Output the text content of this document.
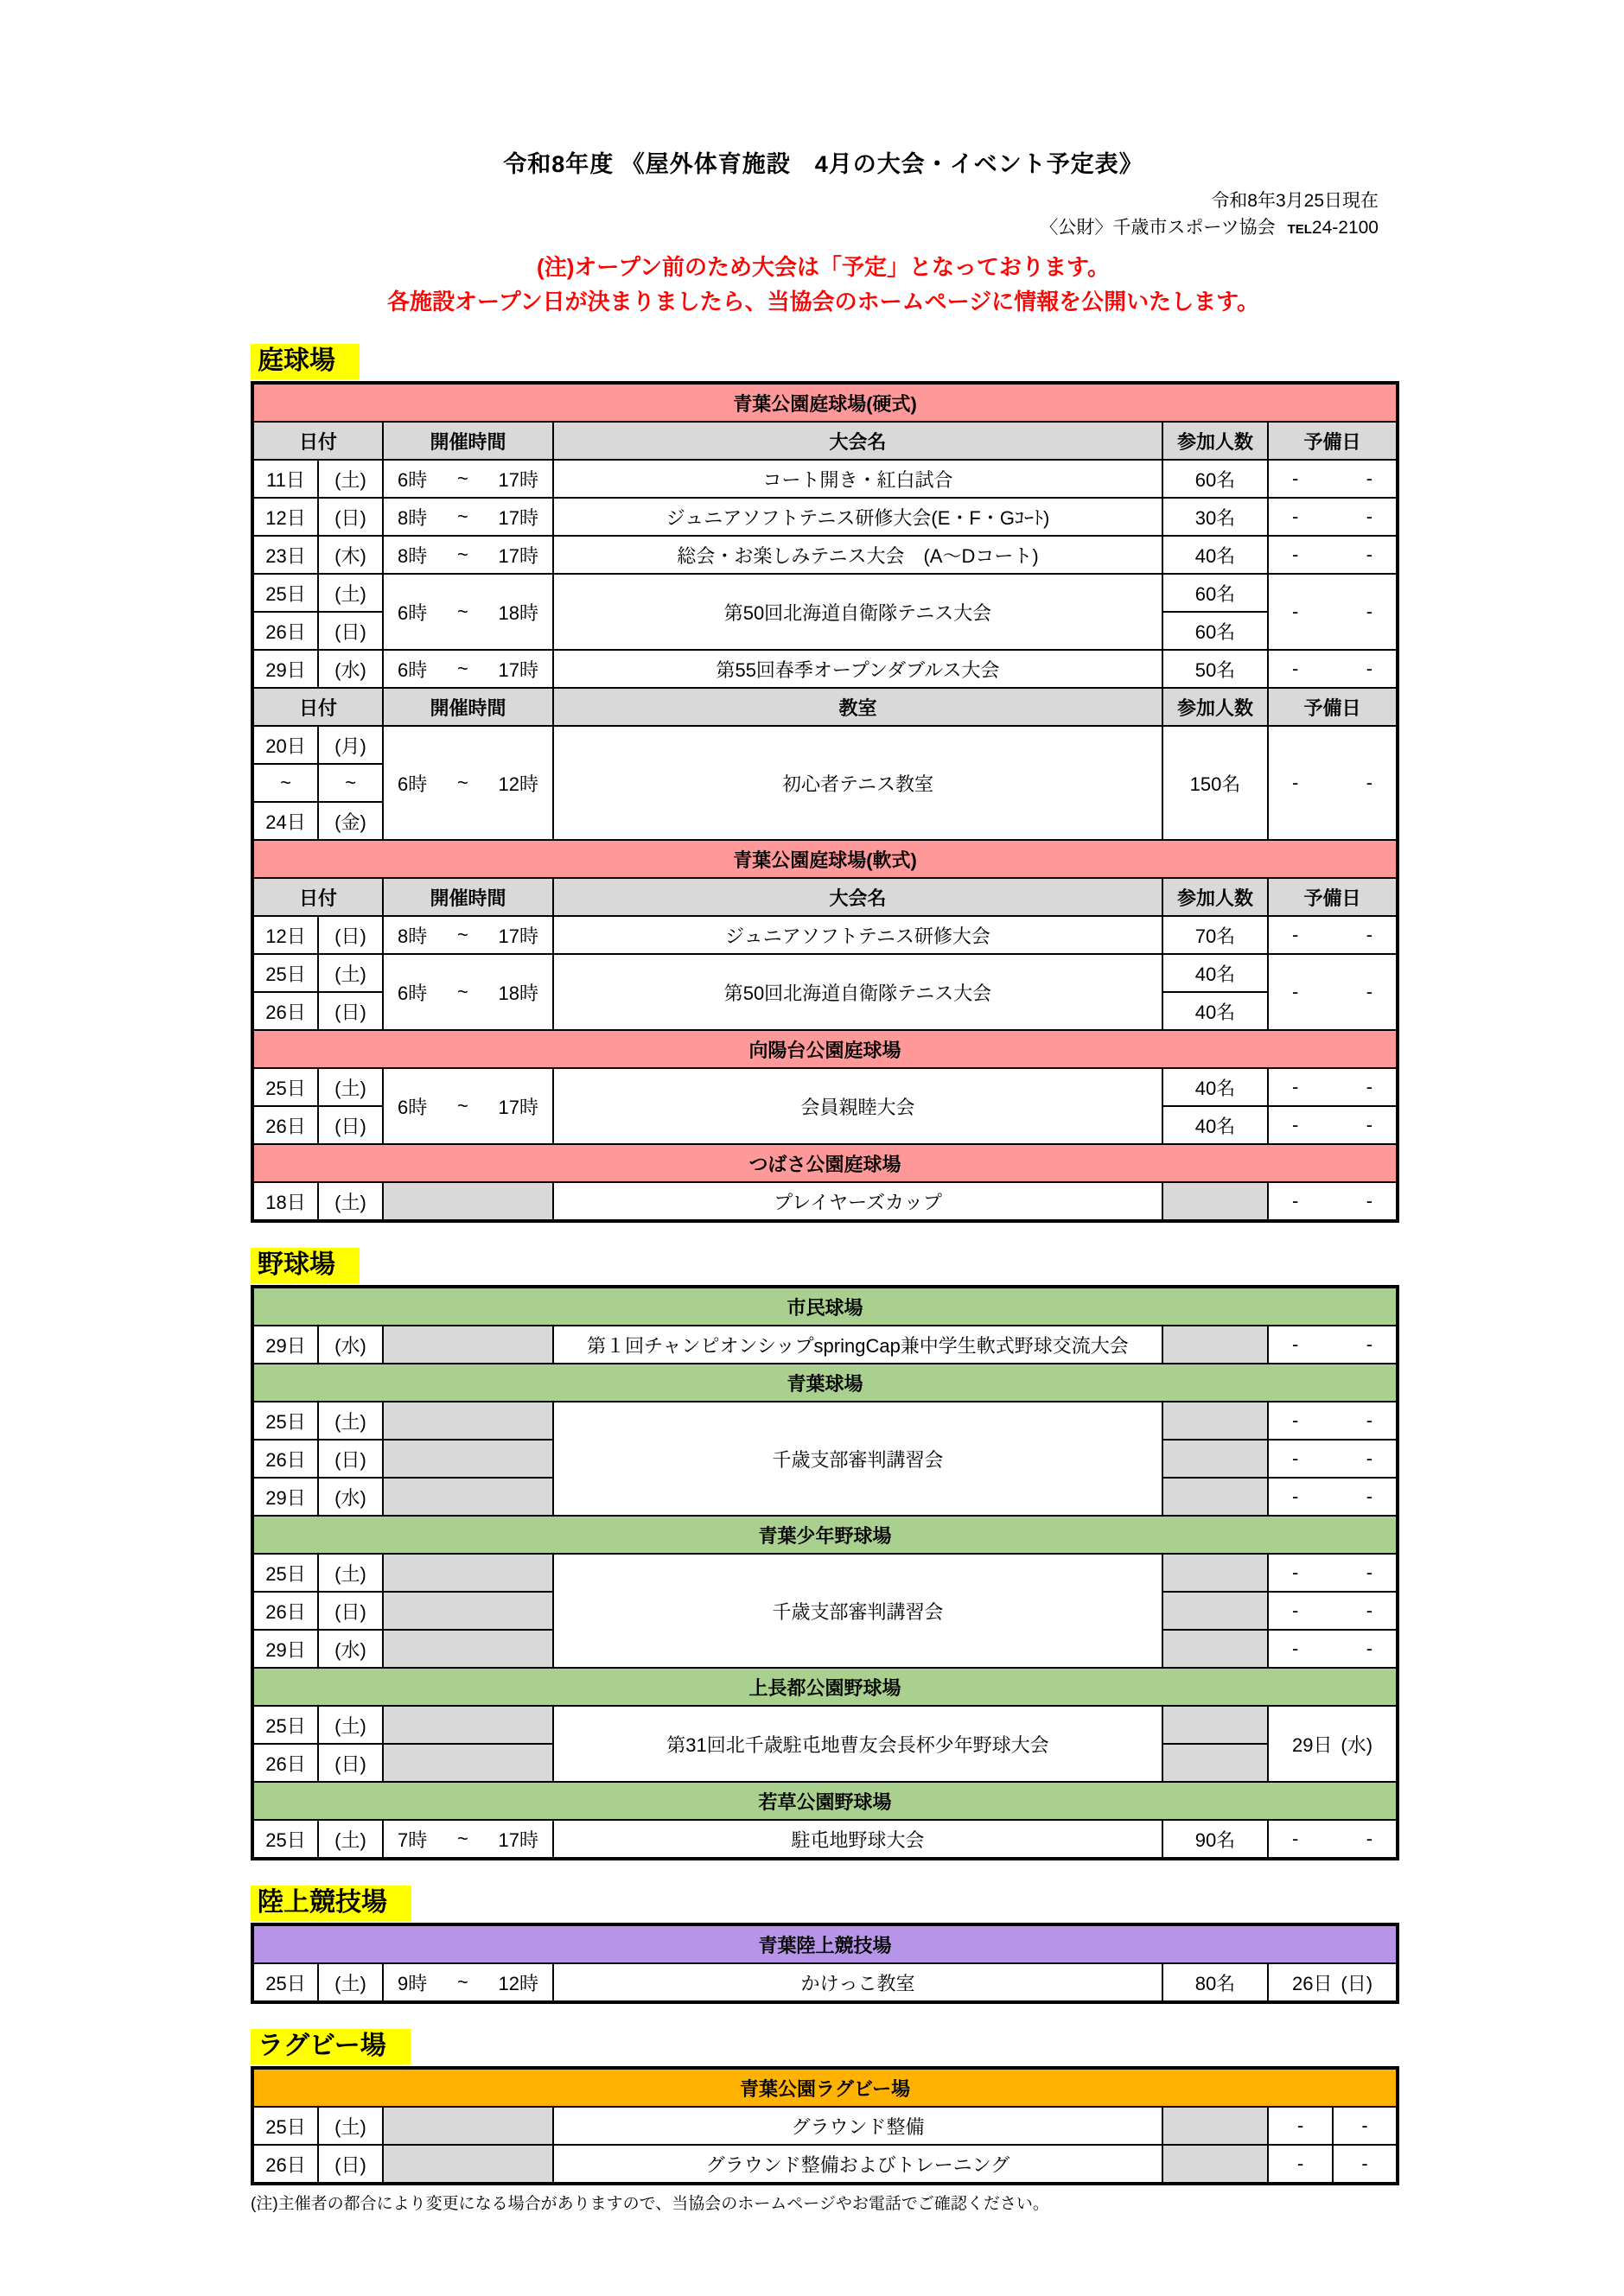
令和8年度 《屋外体育施設　4月の大会・イベント予定表》
令和8年3月25日現在
〈公財〉千歳市スポーツ協会 TEL24-2100
(注)オープン前のため大会は「予定」となっております。
各施設オープン日が決まりましたら、当協会のホームページに情報を公開いたします。
庭球場
青葉公園庭球場(硬式)					
日付		開催時間	大会名	参加人数	予備日
11日	(土)	6時 ~ 17時	コート開き・紅白試合	60名	- -

12日	(日)	8時 ~ 17時	ジュニアソフトテニス研修大会(E・F・Gｺｰﾄ)	30名	- -

23日	(木)	8時 ~ 17時	総会・お楽しみテニス大会　(A～Dコート)	40名	- -

25日	(土)	6時 ~ 18時	第50回北海道自衛隊テニス大会	60名	- -

26日	(日)			60名	
29日	(水)	6時 ~ 17時	第55回春季オープンダブルス大会	50名	- -

日付		開催時間	教室	参加人数	予備日
20日	(月)	6時 ~ 12時	初心者テニス教室	150名	- -

~	~				
24日	(金)				
青葉公園庭球場(軟式)					
日付		開催時間	大会名	参加人数	予備日
12日	(日)	8時 ~ 17時	ジュニアソフトテニス研修大会	70名	- -

25日	(土)	6時 ~ 18時	第50回北海道自衛隊テニス大会	40名	- -

26日	(日)			40名	
向陽台公園庭球場					
25日	(土)	6時 ~ 17時	会員親睦大会	40名	- -

26日	(日)			40名	- -

つばさ公園庭球場					
18日	(土)		プレイヤーズカップ		- -
野球場
市民球場					
29日	(水)		第１回チャンピオンシップspringCap兼中学生軟式野球交流大会		- -

青葉球場					
25日	(土)		千歳支部審判講習会		- -

26日	(日)				- -

29日	(水)				- -

青葉少年野球場					
25日	(土)		千歳支部審判講習会		- -

26日	(日)				- -

29日	(水)				- -

上長都公園野球場					
25日	(土)		第31回北千歳駐屯地曹友会長杯少年野球大会		29日 (水)

26日	(日)				
若草公園野球場					
25日	(土)	7時 ~ 17時	駐屯地野球大会	90名	- -
陸上競技場
青葉陸上競技場
25日	(土)	9時 ~ 12時	かけっこ教室	80名	26日 (日)
ラグビー場
青葉公園ラグビー場						
25日	(土)		グラウンド整備		-	-
26日	(日)		グラウンド整備およびトレーニング		-	-
(注)主催者の都合により変更になる場合がありますので、当協会のホームページやお電話でご確認ください。
